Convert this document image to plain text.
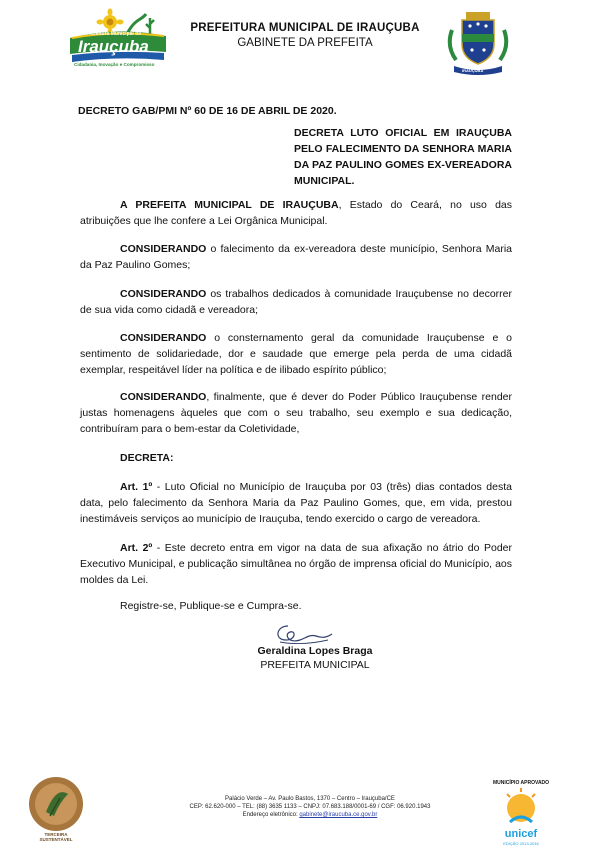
Prefeitura Municipal de
Irauçuba
Cidadania, Inovação e Compromisso
PREFEITURA MUNICIPAL DE IRAUÇUBA
GABINETE DA PREFEITA
IRAUÇUBA
DECRETO GAB/PMI Nº 60 DE 16 DE ABRIL DE 2020.
DECRETA LUTO OFICIAL EM IRAUÇUBA PELO FALECIMENTO DA SENHORA MARIA DA PAZ PAULINO GOMES EX-VEREADORA MUNICIPAL.
A PREFEITA MUNICIPAL DE IRAUÇUBA, Estado do Ceará, no uso das atribuições que lhe confere a Lei Orgânica Municipal.
CONSIDERANDO o falecimento da ex-vereadora deste município, Senhora Maria da Paz Paulino Gomes;
CONSIDERANDO os trabalhos dedicados à comunidade Irauçubense no decorrer de sua vida como cidadã e vereadora;
CONSIDERANDO o consternamento geral da comunidade Irauçubense e o sentimento de solidariedade, dor e saudade que emerge pela perda de uma cidadã exemplar, respeitável líder na política e de ilibado espírito público;
CONSIDERANDO, finalmente, que é dever do Poder Público Irauçubense render justas homenagens àqueles que com o seu trabalho, seu exemplo e sua dedicação, contribuíram para o bem-estar da Coletividade,
DECRETA:
Art. 1º - Luto Oficial no Município de Irauçuba por 03 (três) dias contados desta data, pelo falecimento da Senhora Maria da Paz Paulino Gomes, que, em vida, prestou inestimáveis serviços ao município de Irauçuba, tendo exercido o cargo de vereadora.
Art. 2º - Este decreto entra em vigor na data de sua afixação no átrio do Poder Executivo Municipal, e publicação simultânea no órgão de imprensa oficial do Município, aos moldes da Lei.
Registre-se, Publique-se e Cumpra-se.
Geraldina Lopes Braga
PREFEITA MUNICIPAL
TERCEIRA SUSTENTÁVEL
Palácio Verde – Av. Paulo Bastos, 1370 – Centro – Irauçuba/CE
CEP: 62.620-000 – TEL: (88) 3635 1133 – CNPJ: 07.683.188/0001-69 / CGF: 06.920.1943
Endereço eletrônico: gabinete@iraucuba.ce.gov.br
MUNICÍPIO APROVADO
unicef
EDIÇÃO 2013-2016
